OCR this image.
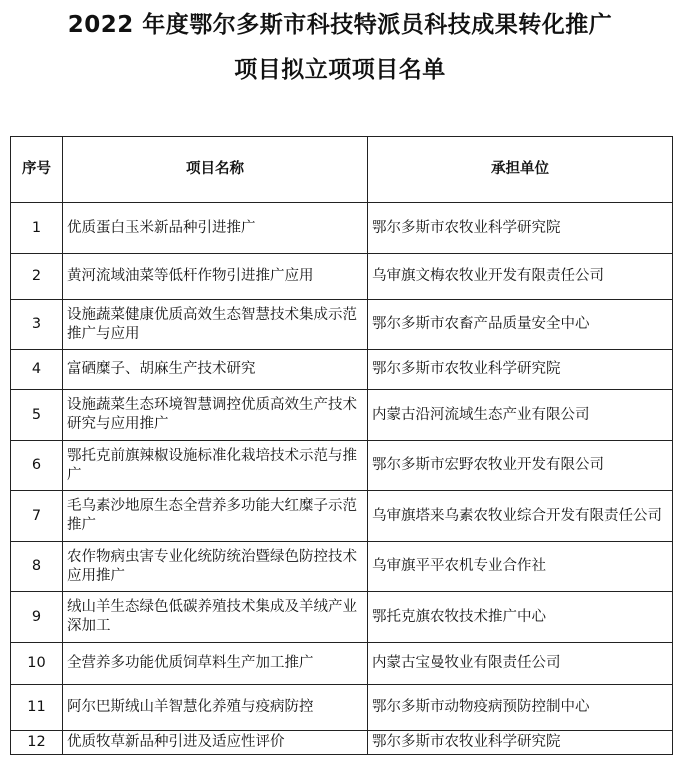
2022 年度鄂尔多斯市科技特派员科技成果转化推广
项目拟立项项目名单
序号	项目名称	承担单位
1	优质蛋白玉米新品种引进推广	鄂尔多斯市农牧业科学研究院
2	黄河流域油菜等低杆作物引进推广应用	乌审旗文梅农牧业开发有限责任公司
3	设施蔬菜健康优质高效生态智慧技术集成示范推广与应用	鄂尔多斯市农畜产品质量安全中心
4	富硒糜子、胡麻生产技术研究	鄂尔多斯市农牧业科学研究院
5	设施蔬菜生态环境智慧调控优质高效生产技术研究与应用推广	内蒙古沿河流域生态产业有限公司
6	鄂托克前旗辣椒设施标准化栽培技术示范与推广	鄂尔多斯市宏野农牧业开发有限公司
7	毛乌素沙地原生态全营养多功能大红糜子示范推广	乌审旗塔来乌素农牧业综合开发有限责任公司
8	农作物病虫害专业化统防统治暨绿色防控技术应用推广	乌审旗平平农机专业合作社
9	绒山羊生态绿色低碳养殖技术集成及羊绒产业深加工	鄂托克旗农牧技术推广中心
10	全营养多功能优质饲草料生产加工推广	内蒙古宝曼牧业有限责任公司
11	阿尔巴斯绒山羊智慧化养殖与疫病防控	鄂尔多斯市动物疫病预防控制中心
12	优质牧草新品种引进及适应性评价	鄂尔多斯市农牧业科学研究院
